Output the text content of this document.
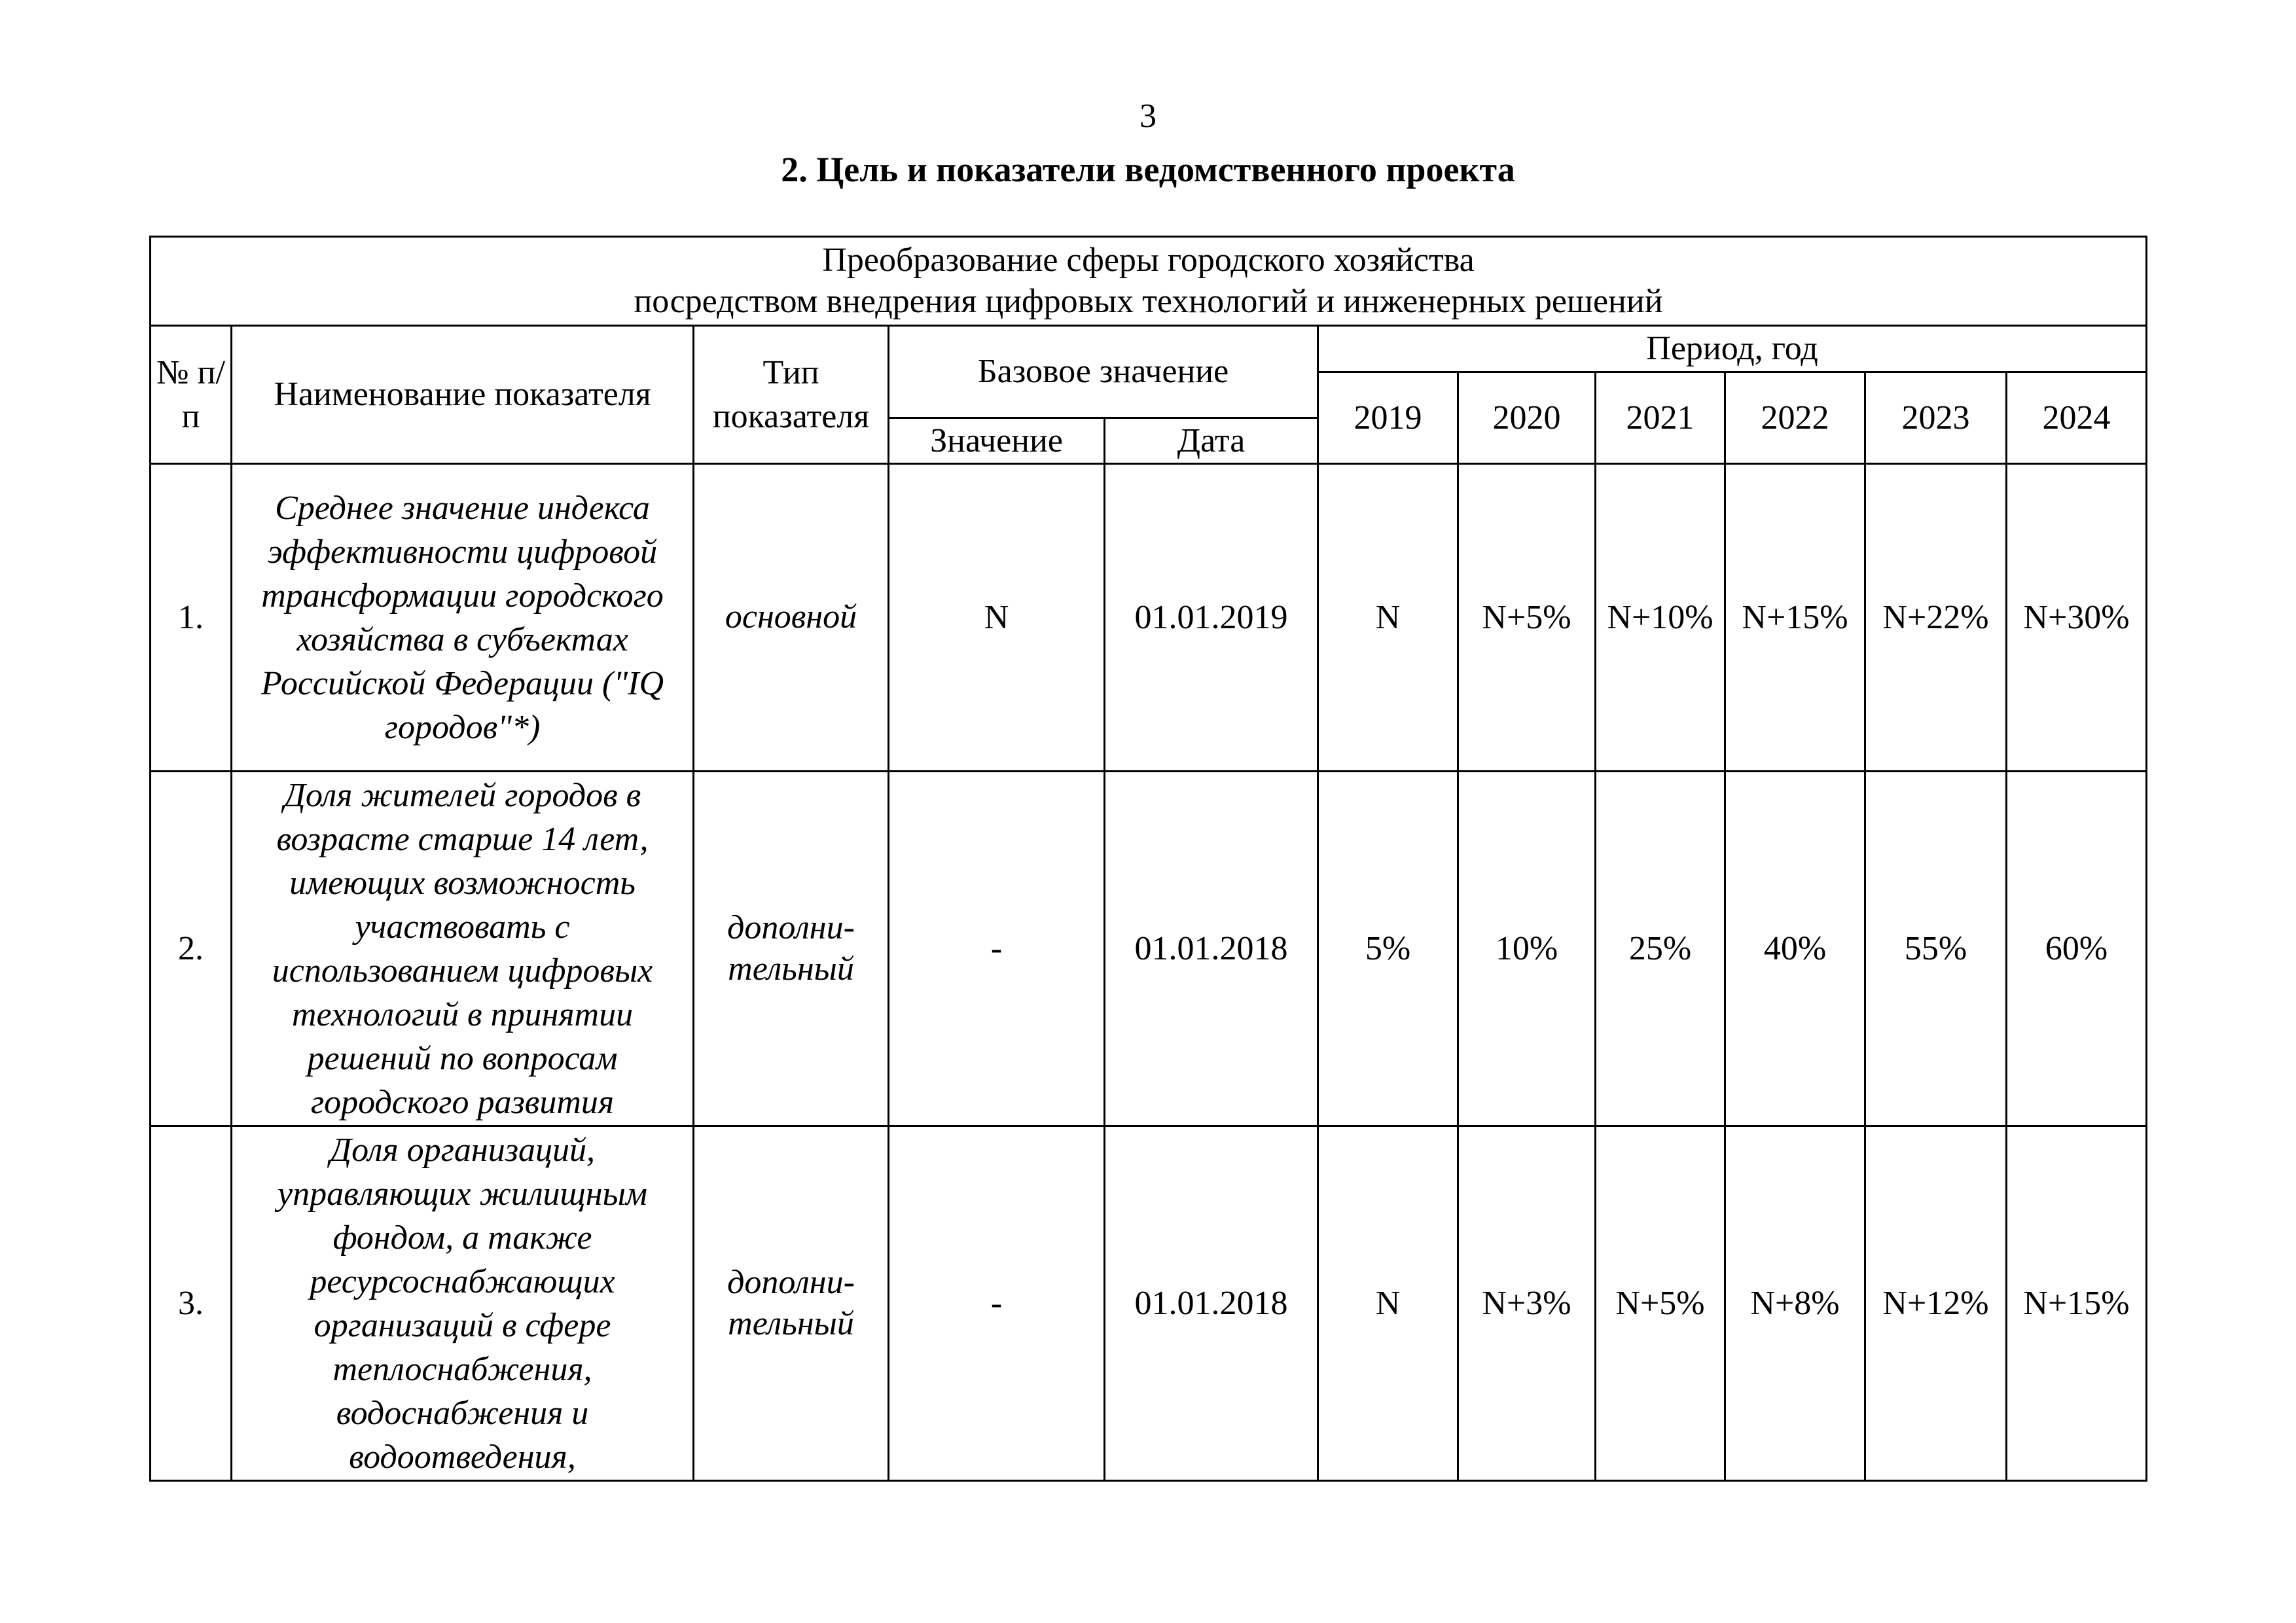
3
2. Цель и показатели ведомственного проекта
Преобразование сферы городского хозяйства
посредством внедрения цифровых технологий и инженерных решений										

№ п/п	Наименование показателя	Тип показателя	Базовое значение		Период, год					
					2019	2020	2021	2022	2023	2024
			Значение	Дата						
1.	Среднее значение индекса эффективности цифровой трансформации городского хозяйства в субъектах Российской Федерации ("IQ городов"*)	основной	N	01.01.2019	N	N+5%	N+10%	N+15%	N+22%	N+30%
2.	Доля жителей городов в возрасте старше 14 лет, имеющих возможность участвовать с использованием цифровых технологий в принятии решений по вопросам городского развития	дополни-тельный	-	01.01.2018	5%	10%	25%	40%	55%	60%
3.	Доля организаций, управляющих жилищным фондом, а также ресурсоснабжающих организаций в сфере теплоснабжения, водоснабжения и водоотведения,	дополни-тельный	-	01.01.2018	N	N+3%	N+5%	N+8%	N+12%	N+15%
